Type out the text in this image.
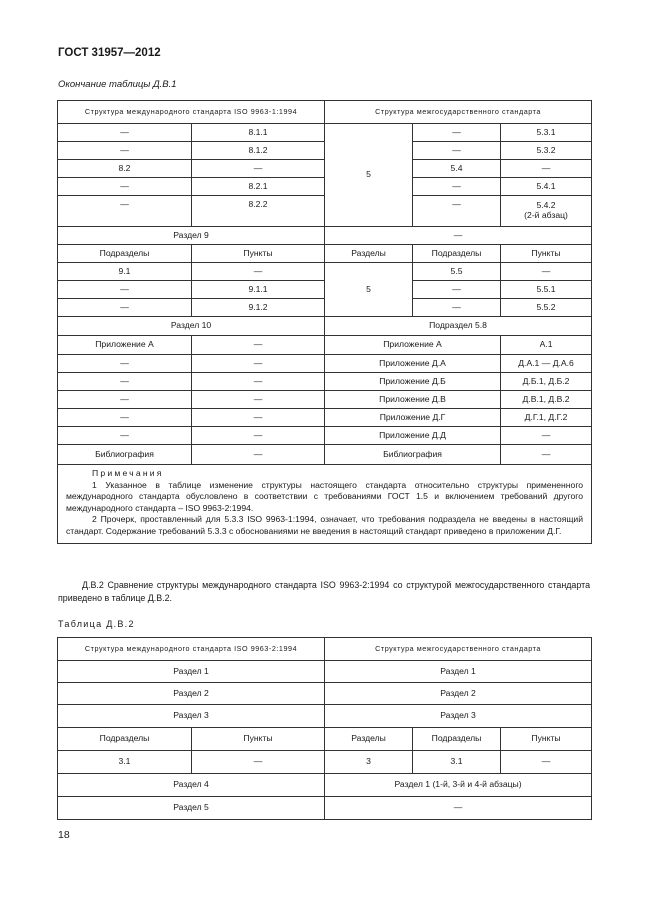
ГОСТ 31957—2012
Окончание таблицы Д.В.1
Структура международного стандарта ISO 9963-1:1994		Структура межгосударственного стандарта		
—	8.1.1	5	—	5.3.1
—	8.1.2		—	5.3.2
8.2	—		5.4	—
—	8.2.1		—	5.4.1
—	8.2.2		—	5.4.2
(2-й абзац)

Раздел 9		—		
Подразделы	Пункты	Разделы	Подразделы	Пункты
9.1	—	5	5.5	—
—	9.1.1		—	5.5.1
—	9.1.2		—	5.5.2
Раздел 10		Подраздел 5.8		
Приложение А	—	Приложение А		А.1
—	—	Приложение Д.А		Д.А.1 — Д.А.6
—	—	Приложение Д.Б		Д.Б.1, Д.Б.2
—	—	Приложение Д.В		Д.В.1, Д.В.2
—	—	Приложение Д.Г		Д.Г.1, Д.Г.2
—	—	Приложение Д.Д		—
Библиография	—	Библиография		—

Примечания
1 Указанное в таблице изменение структуры настоящего стандарта относительно структуры примененного международного стандарта обусловлено в соответствии с требованиями ГОСТ 1.5 и включением требований другого международного стандарта – ISO 9963-2:1994.
2 Прочерк, проставленный для 5.3.3 ISO 9963-1:1994, означает, что требования подраздела не введены в настоящий стандарт. Содержание требований 5.3.3 с обоснованиями не введения в настоящий стандарт приведено в приложении Д.Г.				
Д.В.2 Сравнение структуры международного стандарта ISO 9963-2:1994 со структурой межгосударственного стандарта приведено в таблице Д.В.2.
Таблица Д.В.2
Структура международного стандарта ISO 9963-2:1994		Структура межгосударственного стандарта		
Раздел 1		Раздел 1		
Раздел 2		Раздел 2		
Раздел 3		Раздел 3		
Подразделы	Пункты	Разделы	Подразделы	Пункты
3.1	—	3	3.1	—
Раздел 4		Раздел 1 (1-й, 3-й и 4-й абзацы)		
Раздел 5		—		
18
